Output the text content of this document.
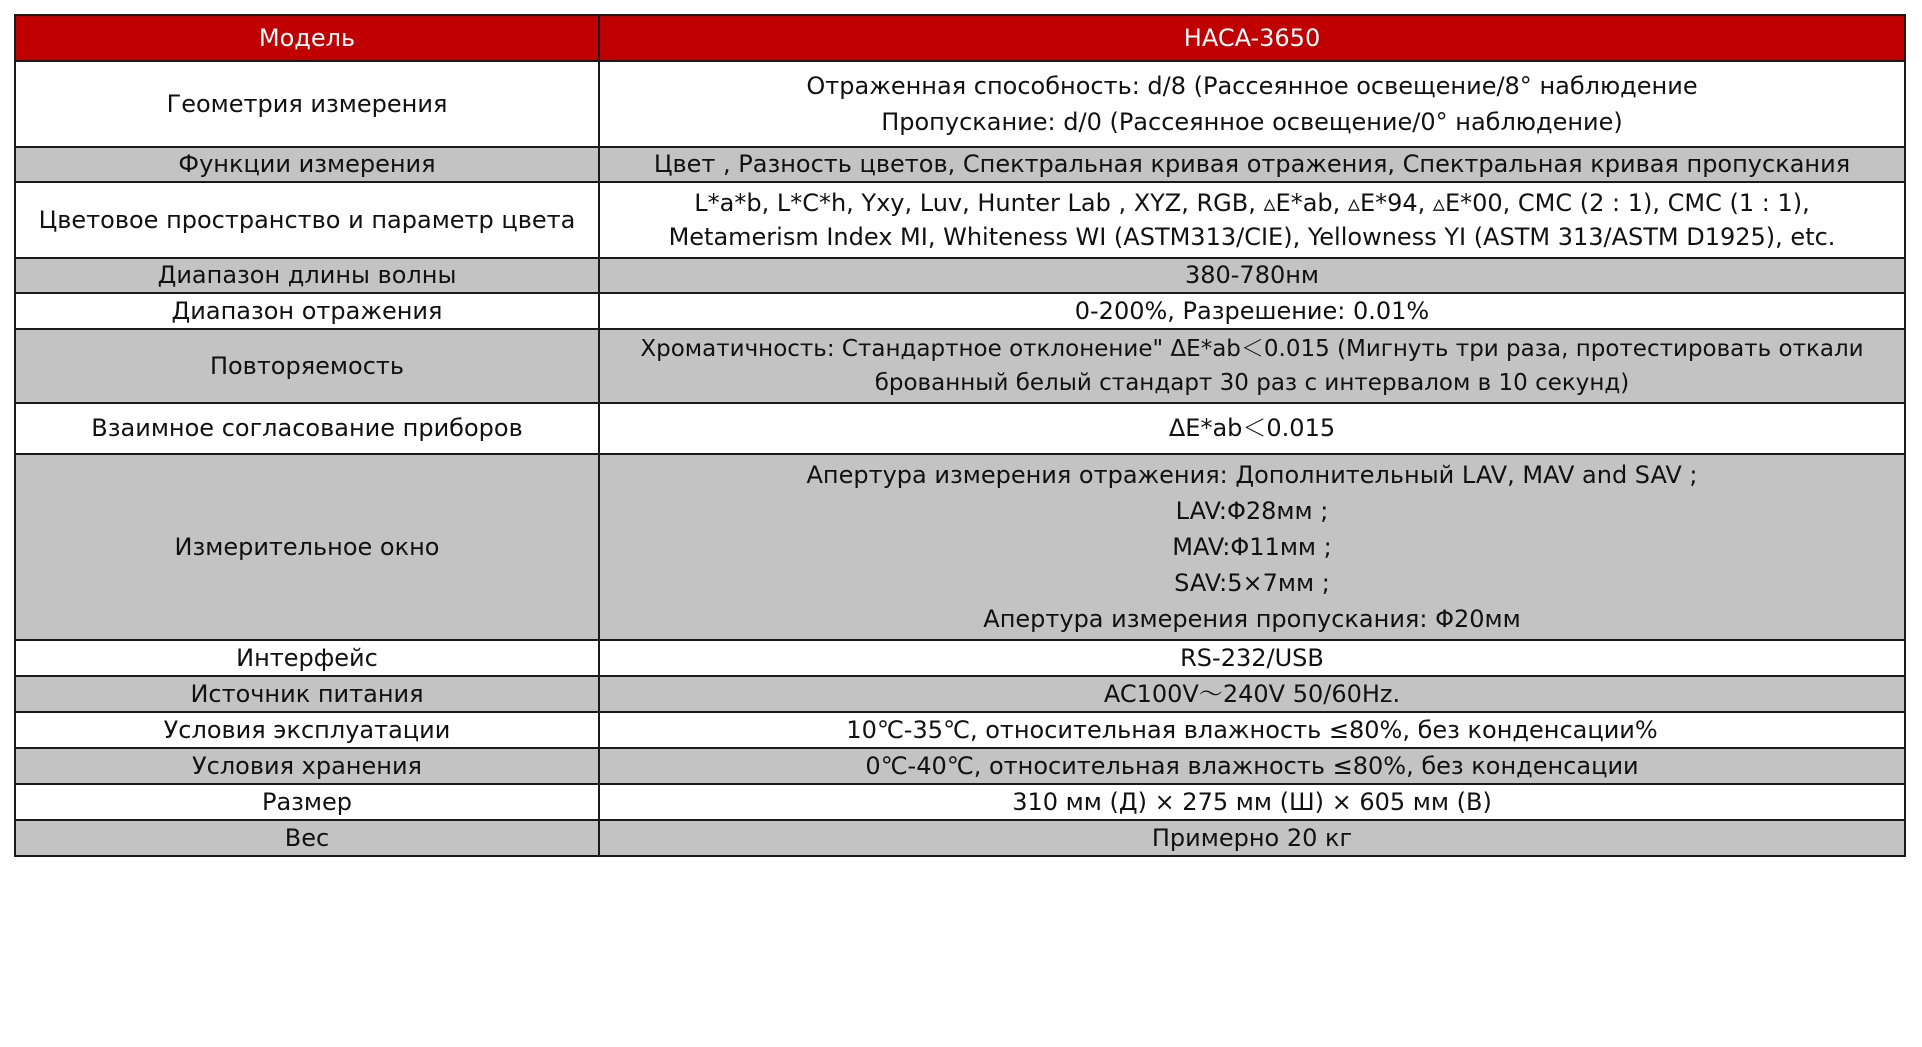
Модель	HACA-3650
Геометрия измерения	Отраженная способность: d/8 (Рассеянное освещение/8° наблюдение
Пропускание: d/0 (Рассеянное освещение/0° наблюдение)

Функции измерения	Цвет , Разность цветов, Спектральная кривая отражения, Спектральная кривая пропускания

Цветовое пространство и параметр цвета	L*a*b, L*C*h, Yxy, Luv, Hunter Lab , XYZ, RGB, ▵E*ab, ▵E*94, ▵E*00, CMC (2 : 1), CMC (1 : 1),
Metamerism Index MI, Whiteness WI (ASTM313/CIE), Yellowness YI (ASTM 313/ASTM D1925), etc.

Диапазон длины волны	380-780нм

Диапазон отражения	0-200%, Разрешение: 0.01%

Повторяемость	Хроматичность: Стандартное отклонение" ΔE*ab＜0.015 (Мигнуть три раза, протестировать откали
брованный белый стандарт 30 раз с интервалом в 10 секунд)

Взаимное согласование приборов	ΔE*ab＜0.015

Измерительное окно	Апертура измерения отражения: Дополнительный LAV, MAV and SAV ;
LAV:Φ28мм ;
MAV:Φ11мм ;
SAV:5×7мм ;
Апертура измерения пропускания: Φ20мм

Интерфейс	RS-232/USB

Источник питания	AC100V～240V 50/60Hz.

Условия эксплуатации	10℃-35℃, относительная влажность ≤80%, без конденсации%

Условия хранения	0℃-40℃, относительная влажность ≤80%, без конденсации

Размер	310 мм (Д) × 275 мм (Ш) × 605 мм (В)

Вес	Примерно 20 кг
